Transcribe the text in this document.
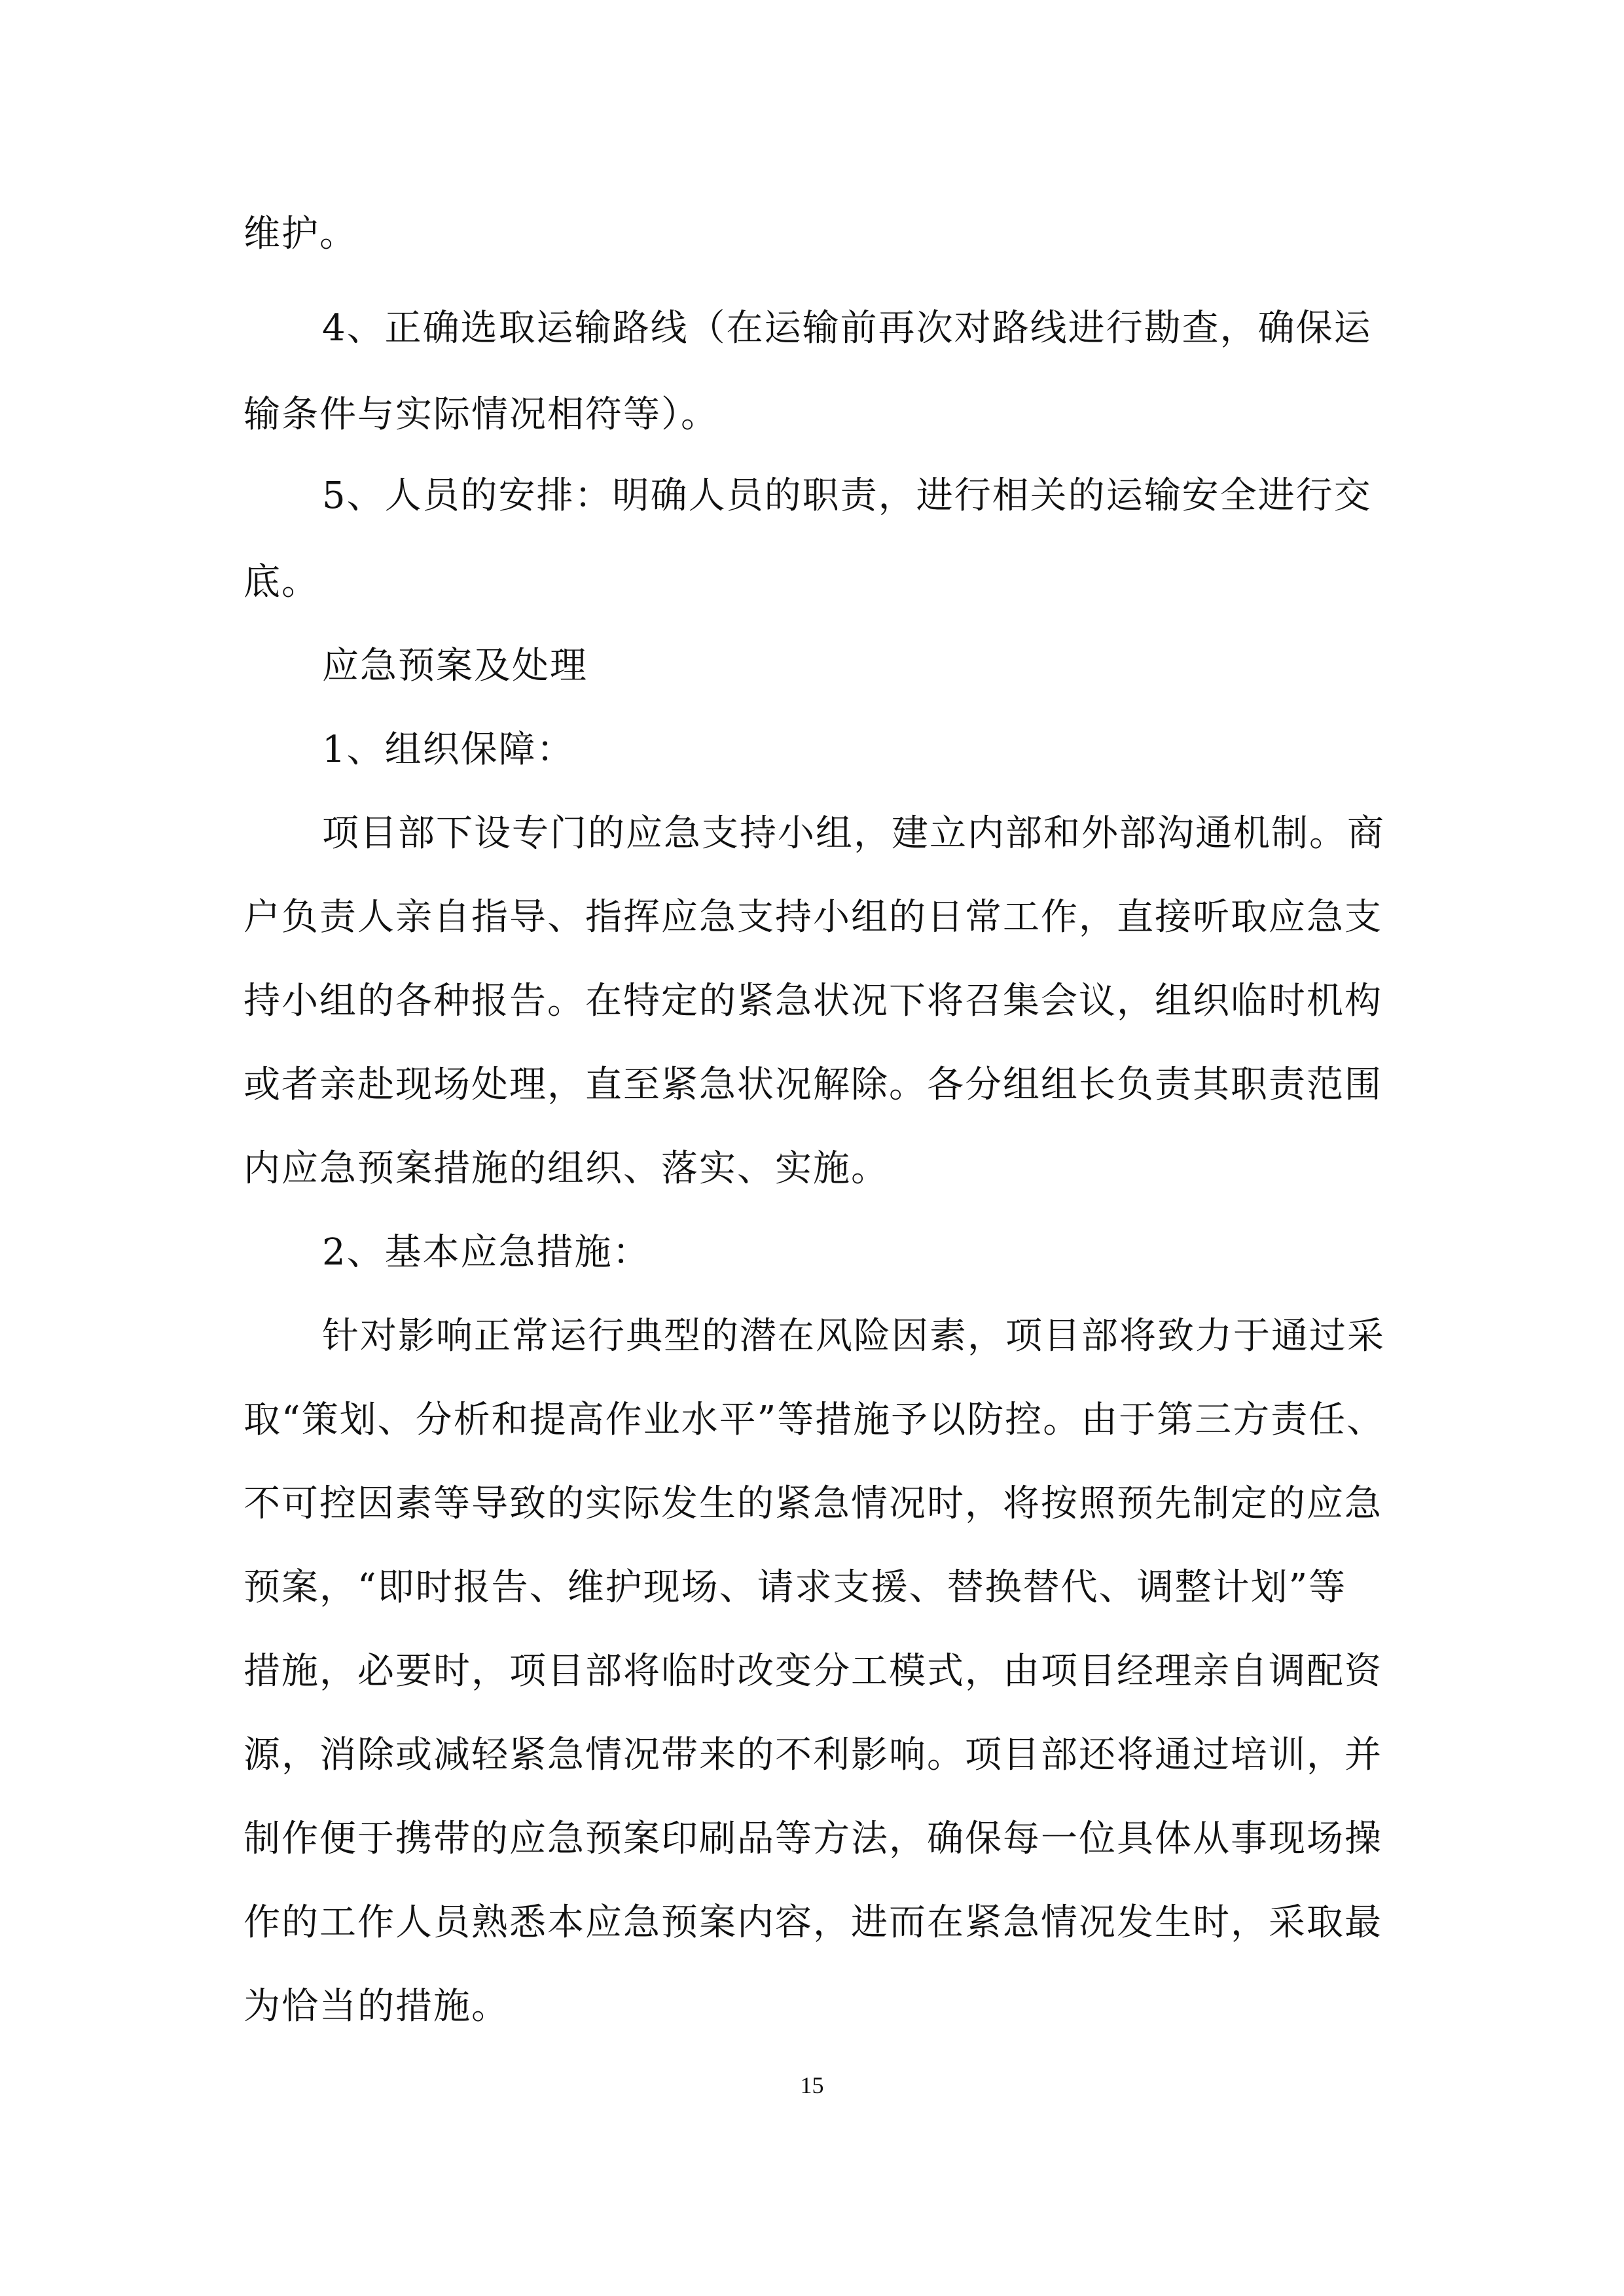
维护。
4、正确选取运输路线（在运输前再次对路线进行勘查，确保运
输条件与实际情况相符等）。
5、人员的安排：明确人员的职责，进行相关的运输安全进行交
底。
应急预案及处理
1、组织保障：
项目部下设专门的应急支持小组，建立内部和外部沟通机制。商
户负责人亲自指导、指挥应急支持小组的日常工作，直接听取应急支
持小组的各种报告。在特定的紧急状况下将召集会议，组织临时机构
或者亲赴现场处理，直至紧急状况解除。各分组组长负责其职责范围
内应急预案措施的组织、落实、实施。
2、基本应急措施：
针对影响正常运行典型的潜在风险因素，项目部将致力于通过采
取“策划、分析和提高作业水平”等措施予以防控。由于第三方责任、
不可控因素等导致的实际发生的紧急情况时，将按照预先制定的应急
预案，“即时报告、维护现场、请求支援、替换替代、调整计划”等
措施，必要时，项目部将临时改变分工模式，由项目经理亲自调配资
源，消除或减轻紧急情况带来的不利影响。项目部还将通过培训，并
制作便于携带的应急预案印刷品等方法，确保每一位具体从事现场操
作的工作人员熟悉本应急预案内容，进而在紧急情况发生时，采取最
为恰当的措施。
15
